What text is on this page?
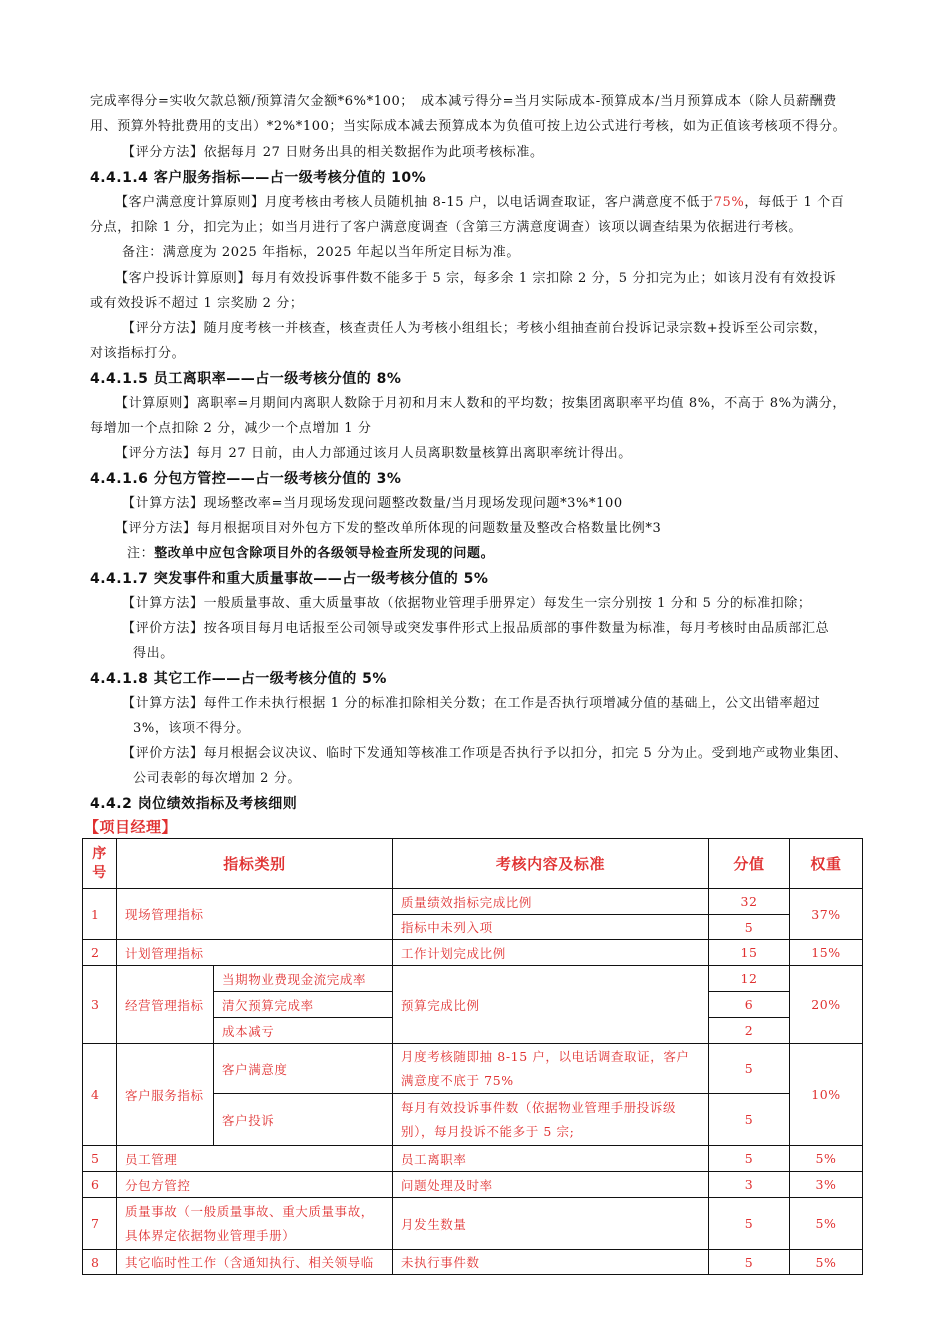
完成率得分=实收欠款总额/预算清欠金额*6%*100；　成本减亏得分=当月实际成本-预算成本/当月预算成本（除人员薪酬费
用、预算外特批费用的支出）*2%*100；当实际成本减去预算成本为负值可按上边公式进行考核，如为正值该考核项不得分。
【评分方法】依据每月 27 日财务出具的相关数据作为此项考核标准。
4.4.1.4 客户服务指标——占一级考核分值的 10%
【客户满意度计算原则】月度考核由考核人员随机抽 8-15 户，以电话调查取证，客户满意度不低于75%，每低于 1 个百
分点，扣除 1 分，扣完为止；如当月进行了客户满意度调查（含第三方满意度调查）该项以调查结果为依据进行考核。
备注：满意度为 2025 年指标，2025 年起以当年所定目标为准。
【客户投诉计算原则】每月有效投诉事件数不能多于 5 宗，每多余 1 宗扣除 2 分，5 分扣完为止；如该月没有有效投诉
或有效投诉不超过 1 宗奖励 2 分；
【评分方法】随月度考核一并核查，核查责任人为考核小组组长；考核小组抽查前台投诉记录宗数+投诉至公司宗数，
对该指标打分。
4.4.1.5 员工离职率——占一级考核分值的 8%
【计算原则】离职率=月期间内离职人数除于月初和月末人数和的平均数；按集团离职率平均值 8%，不高于 8%为满分，
每增加一个点扣除 2 分，减少一个点增加 1 分
【评分方法】每月 27 日前，由人力部通过该月人员离职数量核算出离职率统计得出。
4.4.1.6 分包方管控——占一级考核分值的 3%
【计算方法】现场整改率=当月现场发现问题整改数量/当月现场发现问题*3%*100
【评分方法】每月根据项目对外包方下发的整改单所体现的问题数量及整改合格数量比例*3
注：整改单中应包含除项目外的各级领导检查所发现的问题。
4.4.1.7 突发事件和重大质量事故——占一级考核分值的 5%
【计算方法】一般质量事故、重大质量事故（依据物业管理手册界定）每发生一宗分别按 1 分和 5 分的标准扣除；
【评价方法】按各项目每月电话报至公司领导或突发事件形式上报品质部的事件数量为标准，每月考核时由品质部汇总
得出。
4.4.1.8 其它工作——占一级考核分值的 5%
【计算方法】每件工作未执行根据 1 分的标准扣除相关分数；在工作是否执行项增减分值的基础上，公文出错率超过
3%，该项不得分。
【评价方法】每月根据会议决议、临时下发通知等核准工作项是否执行予以扣分，扣完 5 分为止。受到地产或物业集团、
公司表彰的每次增加 2 分。
4.4.2 岗位绩效指标及考核细则
【项目经理】
序号	指标类别		考核内容及标准	分值	权重
1	现场管理指标		质量绩效指标完成比例	32	37%
			指标中未列入项	5	
2	计划管理指标		工作计划完成比例	15	15%
3	经营管理指标	当期物业费现金流完成率	预算完成比例	12	20%
		清欠预算完成率		6	
		成本减亏		2	
4	客户服务指标	客户满意度	月度考核随即抽 8-15 户，以电话调查取证，客户满意度不底于 75%	5	10%
		客户投诉	每月有效投诉事件数（依据物业管理手册投诉级别），每月投诉不能多于 5 宗;	5	
5	员工管理		员工离职率	5	5%
6	分包方管控		问题处理及时率	3	3%
7	质量事故（一般质量事故、重大质量事故，具体界定依据物业管理手册）		月发生数量	5	5%
8	其它临时性工作（含通知执行、相关领导临		未执行事件数	5	5%
